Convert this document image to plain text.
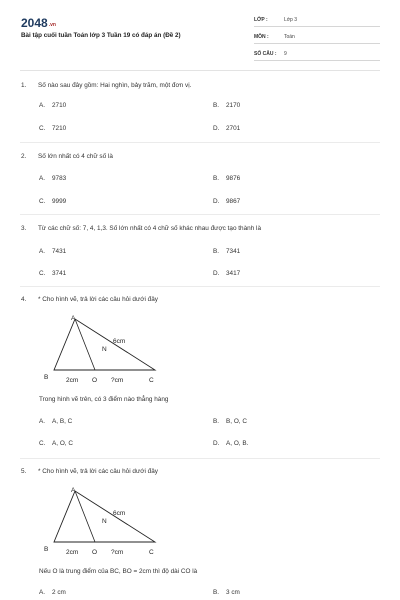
2048.vn
Bài tập cuối tuần Toán lớp 3 Tuần 19 có đáp án (Đề 2)
LỚP :	Lớp 3
MÔN :	Toán
SỐ CÂU :	9
1. Số nào sau đây gồm: Hai nghìn, bảy trăm, một đơn vị.
A. 2710	B. 2170
C. 7210	D. 2701
2. Số lớn nhất có 4 chữ số là
A. 9783	B. 9876
C. 9999	D. 9867
3. Từ các chữ số: 7, 4, 1,3. Số lớn nhất có 4 chữ số khác nhau được tạo thành là
A. 7431	B. 7341
C. 3741	D. 3417
4. * Cho hình vẽ, trả lời các câu hỏi dưới đây
A
B	C
N
6cm
2cm O ?cm
Trong hình vẽ trên, có 3 điểm nào thẳng hàng
A. A, B, C	B. B, O, C
C. A, O, C	D. A, O, B.
5. * Cho hình vẽ, trả lời các câu hỏi dưới đây
A
B	C
N
6cm
2cm O ?cm
Nếu O là trung điểm của BC, BO = 2cm thì độ dài CO là
A. 2 cm	B. 3 cm
